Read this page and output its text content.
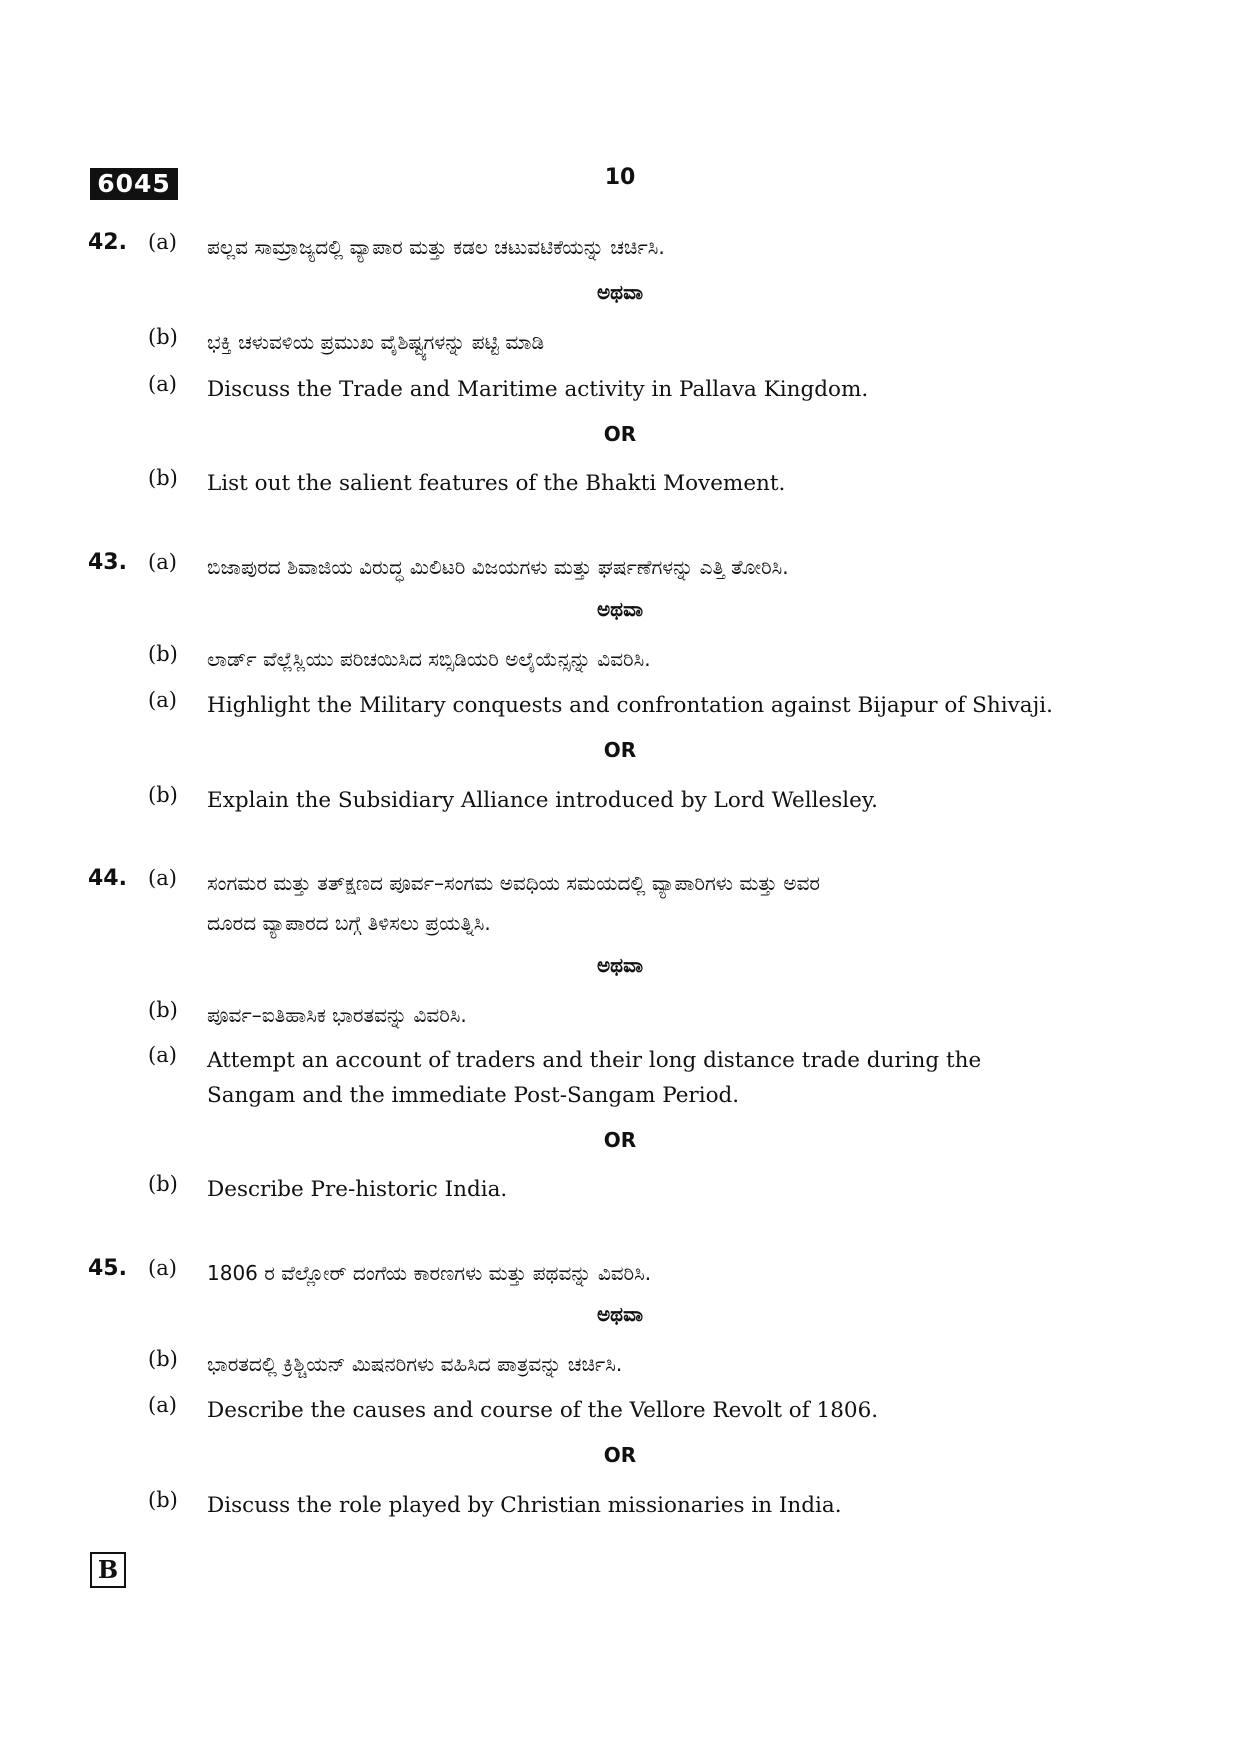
6045	10
42.	(a)	ಪಲ್ಲವ ಸಾಮ್ರಾಜ್ಯದಲ್ಲಿ ವ್ಯಾಪಾರ ಮತ್ತು ಕಡಲ ಚಟುವಟಿಕೆಯನ್ನು ಚರ್ಚಿಸಿ.
ಅಥವಾ
(b)	ಭಕ್ತಿ ಚಳುವಳಿಯ ಪ್ರಮುಖ ವೈಶಿಷ್ಟ್ಯಗಳನ್ನು ಪಟ್ಟಿ ಮಾಡಿ
(a)	Discuss the Trade and Maritime activity in Pallava Kingdom.
OR
(b)	List out the salient features of the Bhakti Movement.
43.	(a)	ಬಿಜಾಪುರದ ಶಿವಾಜಿಯ ವಿರುದ್ಧ ಮಿಲಿಟರಿ ವಿಜಯಗಳು ಮತ್ತು ಘರ್ಷಣೆಗಳನ್ನು ಎತ್ತಿ ತೋರಿಸಿ.
ಅಥವಾ
(b)	ಲಾರ್ಡ್ ವೆಲ್ಲೆಸ್ಲಿಯು ಪರಿಚಯಿಸಿದ ಸಬ್ಸಿಡಿಯರಿ ಅಲೈಯೆನ್ಸನ್ನು ವಿವರಿಸಿ.
(a)	Highlight the Military conquests and confrontation against Bijapur of Shivaji.
OR
(b)	Explain the Subsidiary Alliance introduced by Lord Wellesley.
44.	(a)	ಸಂಗಮರ ಮತ್ತು ತತ್ಕ್ಷಣದ ಪೂರ್ವ–ಸಂಗಮ ಅವಧಿಯ ಸಮಯದಲ್ಲಿ ವ್ಯಾಪಾರಿಗಳು ಮತ್ತು ಅವರ
ದೂರದ ವ್ಯಾಪಾರದ ಬಗ್ಗೆ ತಿಳಿಸಲು ಪ್ರಯತ್ನಿಸಿ.
ಅಥವಾ
(b)	ಪೂರ್ವ–ಐತಿಹಾಸಿಕ ಭಾರತವನ್ನು ವಿವರಿಸಿ.
(a)	Attempt an account of traders and their long distance trade during the
Sangam and the immediate Post-Sangam Period.
OR
(b)	Describe Pre-historic India.
45.	(a)	1806 ರ ವೆಲ್ಲೋರ್ ದಂಗೆಯ ಕಾರಣಗಳು ಮತ್ತು ಪಥವನ್ನು ವಿವರಿಸಿ.
ಅಥವಾ
(b)	ಭಾರತದಲ್ಲಿ ಕ್ರಿಶ್ಚಿಯನ್ ಮಿಷನರಿಗಳು ವಹಿಸಿದ ಪಾತ್ರವನ್ನು ಚರ್ಚಿಸಿ.
(a)	Describe the causes and course of the Vellore Revolt of 1806.
OR
(b)	Discuss the role played by Christian missionaries in India.
B
